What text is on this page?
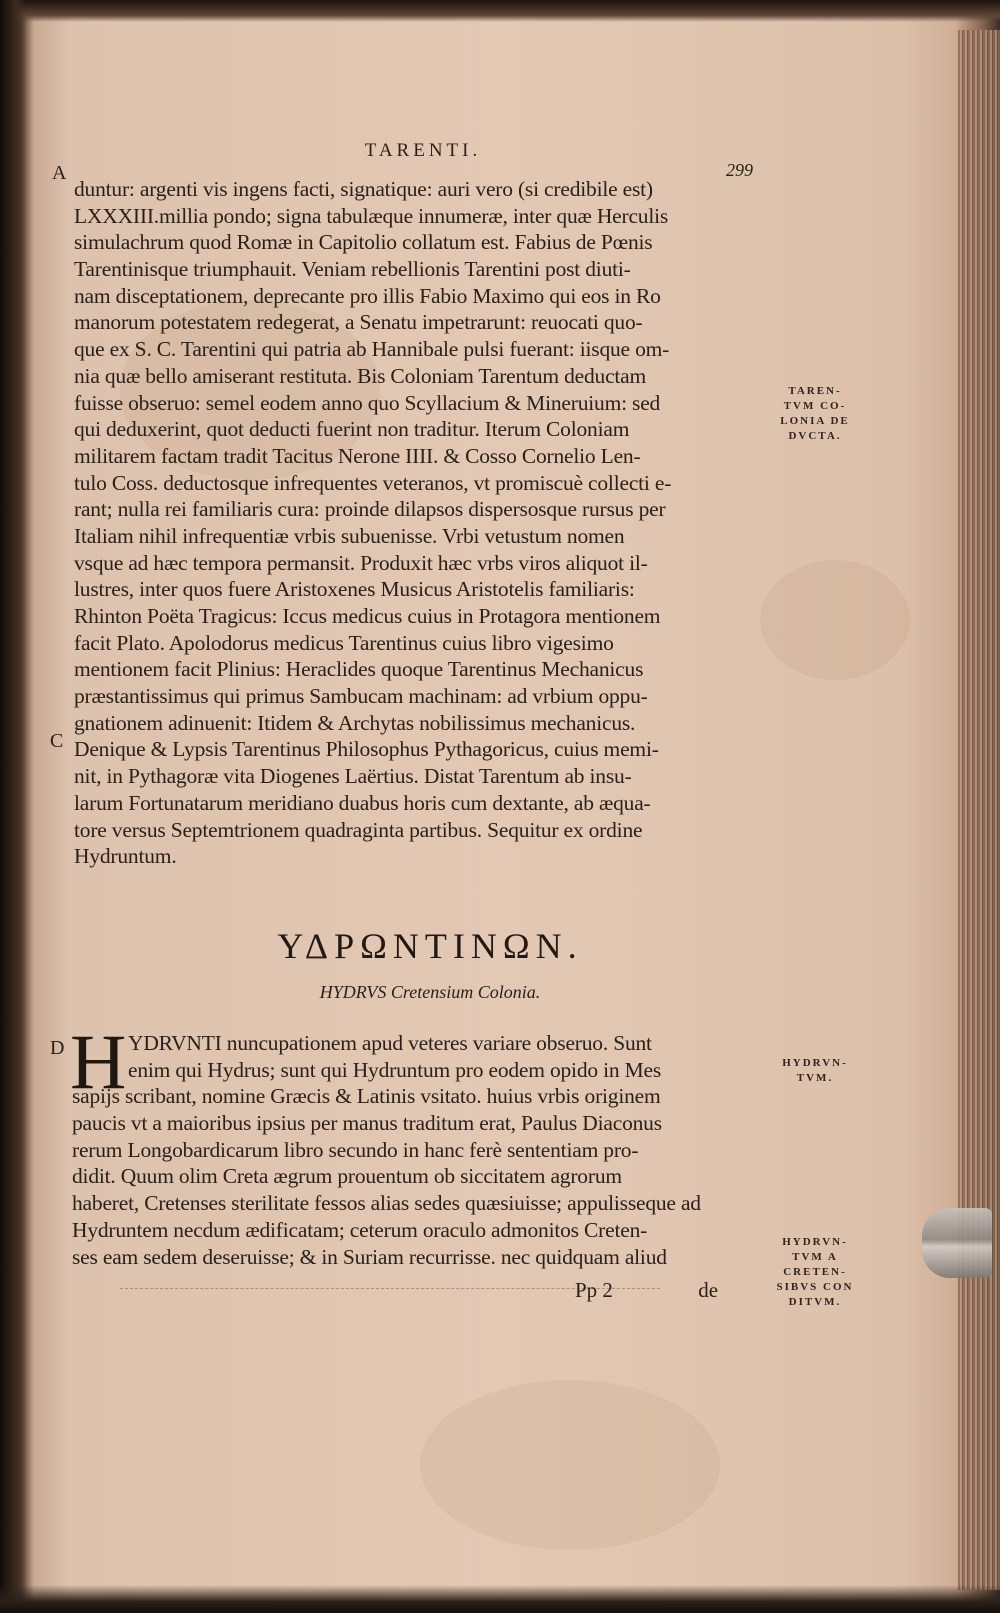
TARENTI.
299
A
C
D
duntur: argenti vis ingens facti, signatique: auri vero (si credibile est)
LXXXIII.millia pondo; signa tabulæque innumeræ, inter quæ Herculis
simulachrum quod Romæ in Capitolio collatum est. Fabius de Pœnis
Tarentinisque triumphauit. Veniam rebellionis Tarentini post diuti-
nam disceptationem, deprecante pro illis Fabio Maximo qui eos in Ro
manorum potestatem redegerat, a Senatu impetrarunt: reuocati quo-
que ex S. C. Tarentini qui patria ab Hannibale pulsi fuerant: iisque om-
nia quæ bello amiserant restituta. Bis Coloniam Tarentum deductam
fuisse obseruo: semel eodem anno quo Scyllacium & Mineruium: sed
qui deduxerint, quot deducti fuerint non traditur. Iterum Coloniam
militarem factam tradit Tacitus Nerone IIII. & Cosso Cornelio Len-
tulo Coss. deductosque infrequentes veteranos, vt promiscuè collecti e-
rant; nulla rei familiaris cura: proinde dilapsos dispersosque rursus per
Italiam nihil infrequentiæ vrbis subuenisse. Vrbi vetustum nomen
vsque ad hæc tempora permansit. Produxit hæc vrbs viros aliquot il-
lustres, inter quos fuere Aristoxenes Musicus Aristotelis familiaris:
Rhinton Poëta Tragicus: Iccus medicus cuius in Protagora mentionem
facit Plato. Apolodorus medicus Tarentinus cuius libro vigesimo
mentionem facit Plinius: Heraclides quoque Tarentinus Mechanicus
præstantissimus qui primus Sambucam machinam: ad vrbium oppu-
gnationem adinuenit: Itidem & Archytas nobilissimus mechanicus.
Denique & Lypsis Tarentinus Philosophus Pythagoricus, cuius memi-
nit, in Pythagoræ vita Diogenes Laërtius. Distat Tarentum ab insu-
larum Fortunatarum meridiano duabus horis cum dextante, ab æqua-
tore versus Septemtrionem quadraginta partibus. Sequitur ex ordine
Hydruntum.
ΥΔΡΩΝΤΙΝΩΝ.
HYDRVS Cretensium Colonia.
H YDRVNTI nuncupationem apud veteres variare obseruo. Sunt
enim qui Hydrus; sunt qui Hydruntum pro eodem opido in Mes
sapijs scribant, nomine Græcis & Latinis vsitato. huius vrbis originem
paucis vt a maioribus ipsius per manus traditum erat, Paulus Diaconus
rerum Longobardicarum libro secundo in hanc ferè sententiam pro-
didit. Quum olim Creta ægrum prouentum ob siccitatem agrorum
haberet, Cretenses sterilitate fessos alias sedes quæsiuisse; appulisseque ad
Hydruntem necdum ædificatam; ceterum oraculo admonitos Creten-
ses eam sedem deseruisse; & in Suriam recurrisse. nec quidquam aliud
Pp 2	de
TAREN-
TVM CO-
LONIA DE
DVCTA.
HYDRVN-
TVM.
HYDRVN-
TVM A
CRETEN-
SIBVS CON
DITVM.
